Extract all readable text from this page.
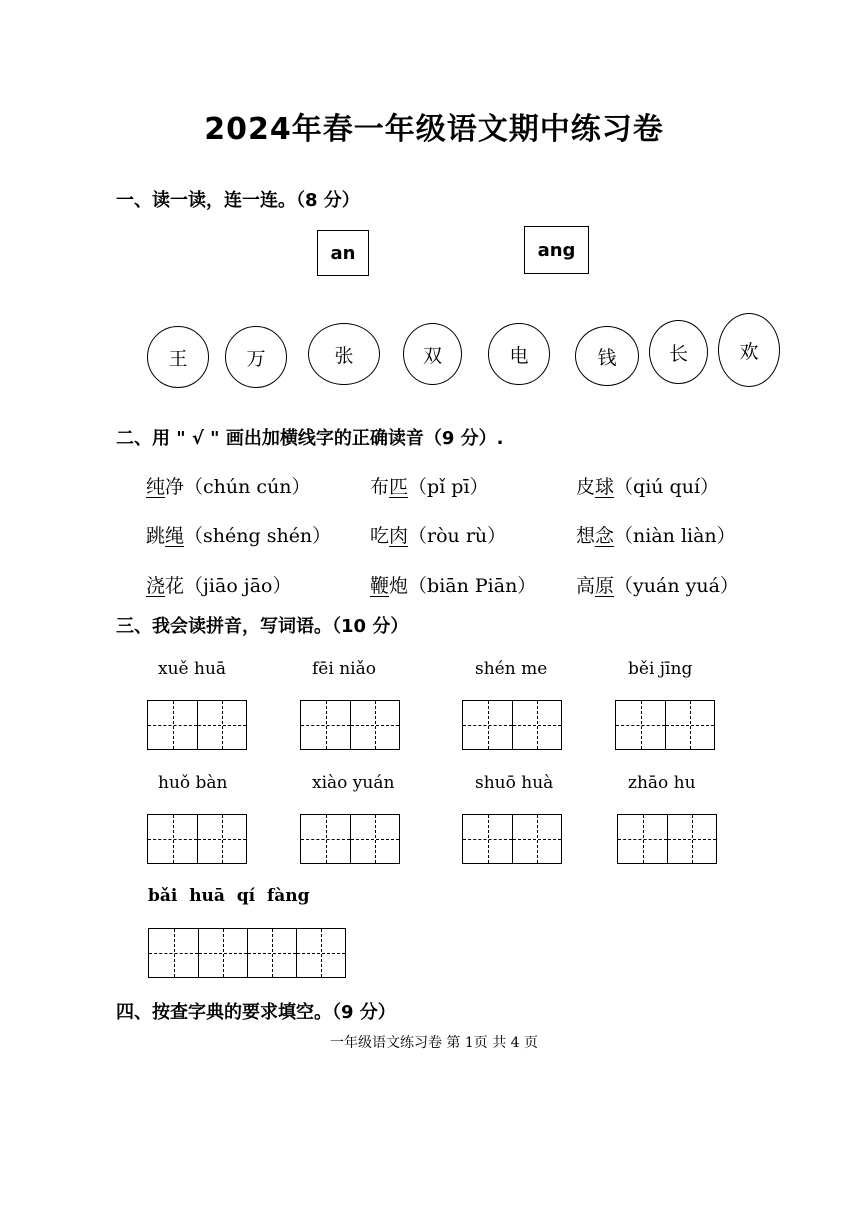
2024年春一年级语文期中练习卷
一、读一读，连一连。（8 分）
an	ang
王	万	张	双	电	钱	长	欢
二、用 " √ " 画出加横线字的正确读音（9 分）.
纯净（chún cún）	布匹（pǐ pī）	皮球（qiú quí）
跳绳（shéng shén） 吃肉（ròu rù）	想念（niàn liàn）
浇花（jiāo jāo）	鞭炮（biān Piān） 高原（yuán yuá）
三、我会读拼音，写词语。（10 分）
xuě huā	fēi niǎo	shén me	běi jīng
huǒ bàn	xiào yuán	shuō huà	zhāo hu
bǎi  huā  qí  fàng
四、按查字典的要求填空。（9 分）
一年级语文练习卷 第 1页 共 4 页
